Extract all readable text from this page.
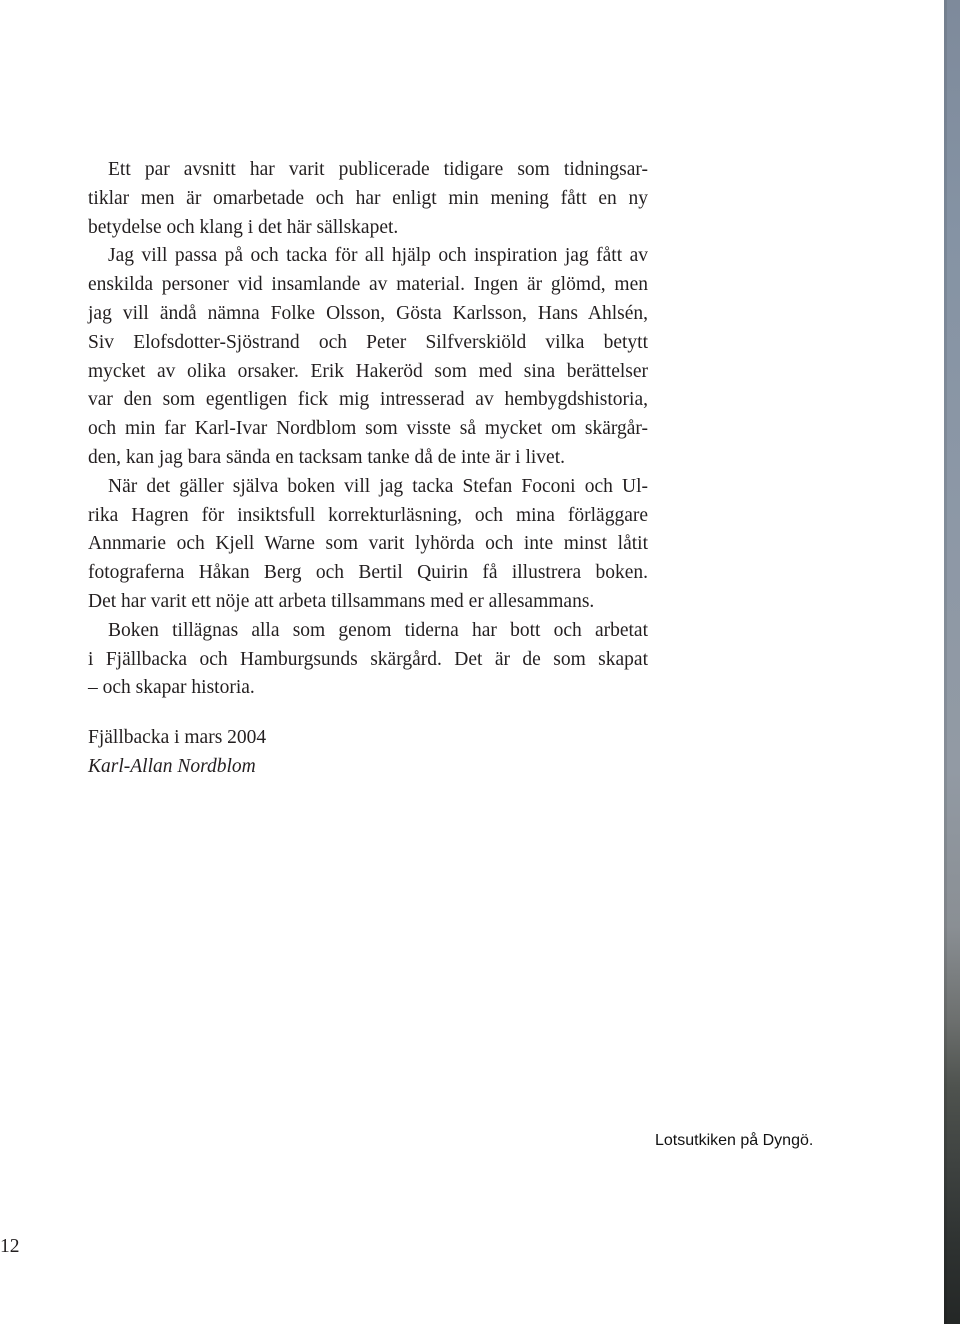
Ett par avsnitt har varit publicerade tidigare som tidningsar-
tiklar men är omarbetade och har enligt min mening fått en ny
betydelse och klang i det här sällskapet.
Jag vill passa på och tacka för all hjälp och inspiration jag fått av
enskilda personer vid insamlande av material. Ingen är glömd, men
jag vill ändå nämna Folke Olsson, Gösta Karlsson, Hans Ahlsén,
Siv Elofsdotter-Sjöstrand och Peter Silfverskiöld vilka betytt
mycket av olika orsaker. Erik Hakeröd som med sina berättelser
var den som egentligen fick mig intresserad av hembygdshistoria,
och min far Karl-Ivar Nordblom som visste så mycket om skärgår-
den, kan jag bara sända en tacksam tanke då de inte är i livet.
När det gäller själva boken vill jag tacka Stefan Foconi och Ul-
rika Hagren för insiktsfull korrekturläsning, och mina förläggare
Annmarie och Kjell Warne som varit lyhörda och inte minst låtit
fotograferna Håkan Berg och Bertil Quirin få illustrera boken.
Det har varit ett nöje att arbeta tillsammans med er allesammans.
Boken tillägnas alla som genom tiderna har bott och arbetat
i Fjällbacka och Hamburgsunds skärgård. Det är de som skapat
– och skapar historia.
Fjällbacka i mars 2004
Karl-Allan Nordblom
Lotsutkiken på Dyngö.
12
